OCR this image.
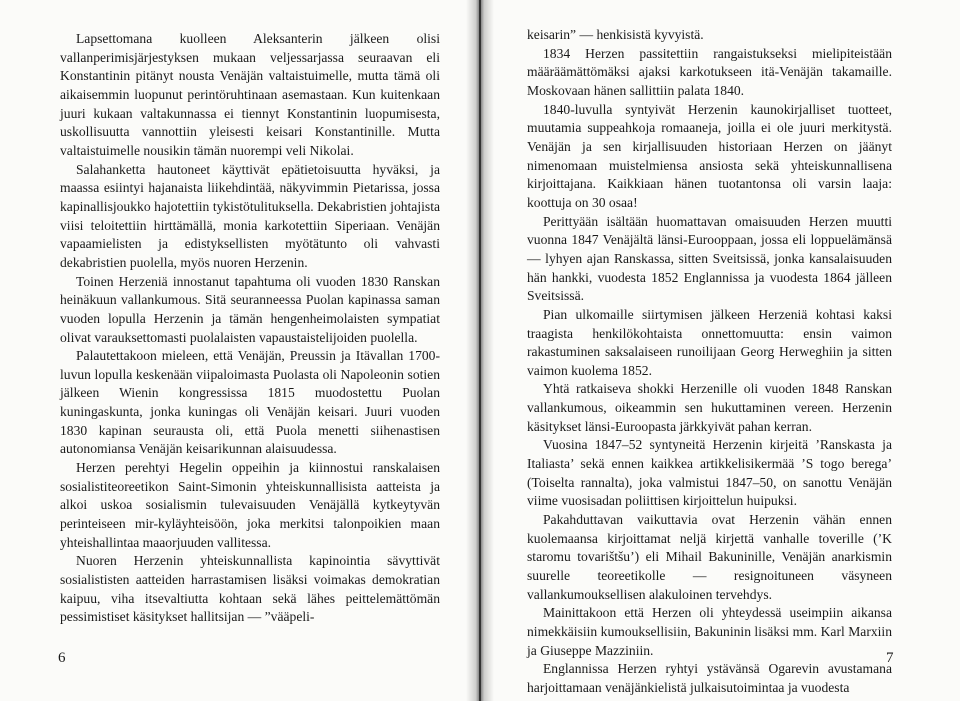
Lapsettomana kuolleen Aleksanterin jälkeen olisi vallanperimisjärjestyksen mukaan veljessarjassa seuraavan eli Konstantinin pitänyt nousta Venäjän valtaistuimelle, mutta tämä oli aikaisemmin luopunut perintöruhtinaan asemastaan. Kun kuitenkaan juuri kukaan valtakunnassa ei tiennyt Konstantinin luopumisesta, uskollisuutta vannottiin yleisesti keisari Konstantinille. Mutta valtaistuimelle nousikin tämän nuorempi veli Nikolai.

Salahanketta hautoneet käyttivät epätietoisuutta hyväksi, ja maassa esiintyi hajanaista liikehdintää, näkyvimmin Pietarissa, jossa kapinallisjoukko hajotettiin tykistötulituksella. Dekabristien johtajista viisi teloitettiin hirttämällä, monia karkotettiin Siperiaan. Venäjän vapaamielisten ja edistyksellisten myötätunto oli vahvasti dekabristien puolella, myös nuoren Herzenin.

Toinen Herzeniä innostanut tapahtuma oli vuoden 1830 Ranskan heinäkuun vallankumous. Sitä seuranneessa Puolan kapinassa saman vuoden lopulla Herzenin ja tämän hengenheimolaisten sympatiat olivat varauksettomasti puolalaisten vapaustaistelijoiden puolella.

Palautettakoon mieleen, että Venäjän, Preussin ja Itävallan 1700-luvun lopulla keskenään viipaloimasta Puolasta oli Napoleonin sotien jälkeen Wienin kongressissa 1815 muodostettu Puolan kuningaskunta, jonka kuningas oli Venäjän keisari. Juuri vuoden 1830 kapinan seurausta oli, että Puola menetti siihenastisen autonomiansa Venäjän keisarikunnan alaisuudessa.

Herzen perehtyi Hegelin oppeihin ja kiinnostui ranskalaisen sosialistiteoreetikon Saint-Simonin yhteiskunnallisista aatteista ja alkoi uskoa sosialismin tulevaisuuden Venäjällä kytkeytyvän perinteiseen mir-kyläyhteisöön, joka merkitsi talonpoikien maan yhteishallintaa maaorjuuden vallitessa.

Nuoren Herzenin yhteiskunnallista kapinointia sävyttivät sosialististen aatteiden harrastamisen lisäksi voimakas demokratian kaipuu, viha itsevaltiutta kohtaan sekä lähes peittelemättömän pessimistiset käsitykset hallitsijan — ”vääpeli-

6

keisarin” — henkisistä kyvyistä.

1834 Herzen passitettiin rangaistukseksi mielipiteistään määräämättömäksi ajaksi karkotukseen itä-Venäjän takamaille. Moskovaan hänen sallittiin palata 1840.

1840-luvulla syntyivät Herzenin kaunokirjalliset tuotteet, muutamia suppeahkoja romaaneja, joilla ei ole juuri merkitystä. Venäjän ja sen kirjallisuuden historiaan Herzen on jäänyt nimenomaan muistelmiensa ansiosta sekä yhteiskunnallisena kirjoittajana. Kaikkiaan hänen tuotantonsa oli varsin laaja: koottuja on 30 osaa!

Perittyään isältään huomattavan omaisuuden Herzen muutti vuonna 1847 Venäjältä länsi-Eurooppaan, jossa eli loppuelämänsä — lyhyen ajan Ranskassa, sitten Sveitsissä, jonka kansalaisuuden hän hankki, vuodesta 1852 Englannissa ja vuodesta 1864 jälleen Sveitsissä.

Pian ulkomaille siirtymisen jälkeen Herzeniä kohtasi kaksi traagista henkilökohtaista onnettomuutta: ensin vaimon rakastuminen saksalaiseen runoilijaan Georg Herweghiin ja sitten vaimon kuolema 1852.

Yhtä ratkaiseva shokki Herzenille oli vuoden 1848 Ranskan vallankumous, oikeammin sen hukuttaminen vereen. Herzenin käsitykset länsi-Euroopasta järkkyivät pahan kerran.

Vuosina 1847–52 syntyneitä Herzenin kirjeitä ’Ranskasta ja Italiasta’ sekä ennen kaikkea artikkelisikermää ’S togo berega’ (Toiselta rannalta), joka valmistui 1847–50, on sanottu Venäjän viime vuosisadan poliittisen kirjoittelun huipuksi.

Pakahduttavan vaikuttavia ovat Herzenin vähän ennen kuolemaansa kirjoittamat neljä kirjettä vanhalle toverille (’K staromu tovarištšu’) eli Mihail Bakuninille, Venäjän anarkismin suurelle teoreetikolle — resignoituneen väsyneen vallankumouksellisen alakuloinen tervehdys.

Mainittakoon että Herzen oli yhteydessä useimpiin aikansa nimekkäisiin kumouksellisiin, Bakuninin lisäksi mm. Karl Marxiin ja Giuseppe Mazziniin.

Englannissa Herzen ryhtyi ystävänsä Ogarevin avustamana harjoittamaan venäjänkielistä julkaisutoimintaa ja vuodesta

7
